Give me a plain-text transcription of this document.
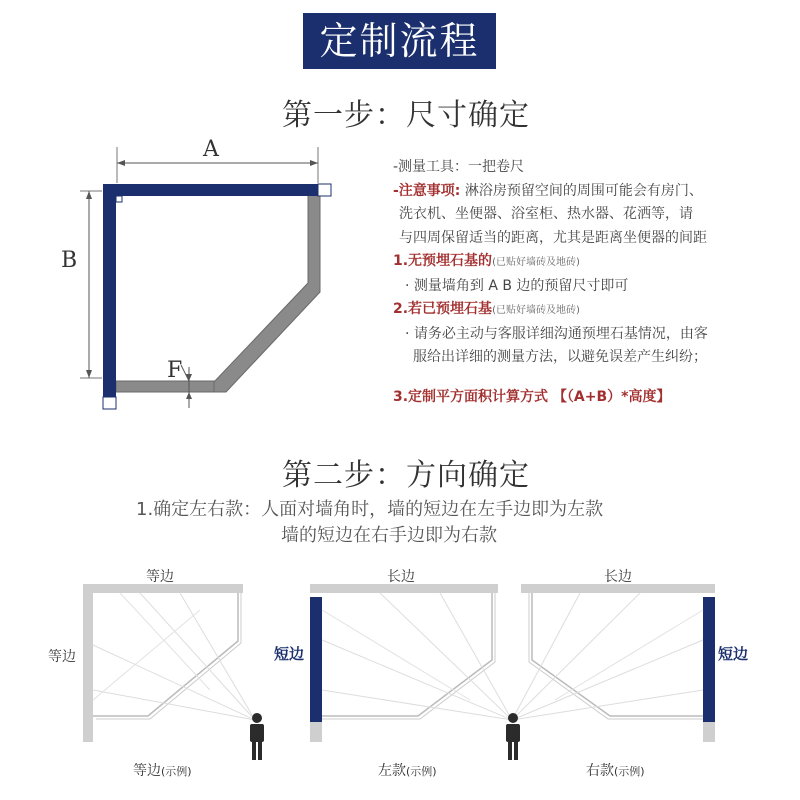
定制流程
第一步：尺寸确定
A
B
F
-测量工具：一把卷尺
-注意事项: 淋浴房预留空间的周围可能会有房门、
洗衣机、坐便器、浴室柜、热水器、花洒等，请
与四周保留适当的距离，尤其是距离坐便器的间距
1.无预埋石基的(已贴好墙砖及地砖)
· 测量墙角到 A B 边的预留尺寸即可
2.若已预埋石基(已贴好墙砖及地砖)
· 请务必主动与客服详细沟通预埋石基情况，由客
服给出详细的测量方法，以避免误差产生纠纷；
3.定制平方面积计算方式 【（A+B）*高度】
第二步：方向确定
1.确定左右款：人面对墙角时，墙的短边在左手边即为左款
墙的短边在右手边即为右款
等边
等边
等边(示例)
长边
短边
左款(示例)
长边
短边
右款(示例)
